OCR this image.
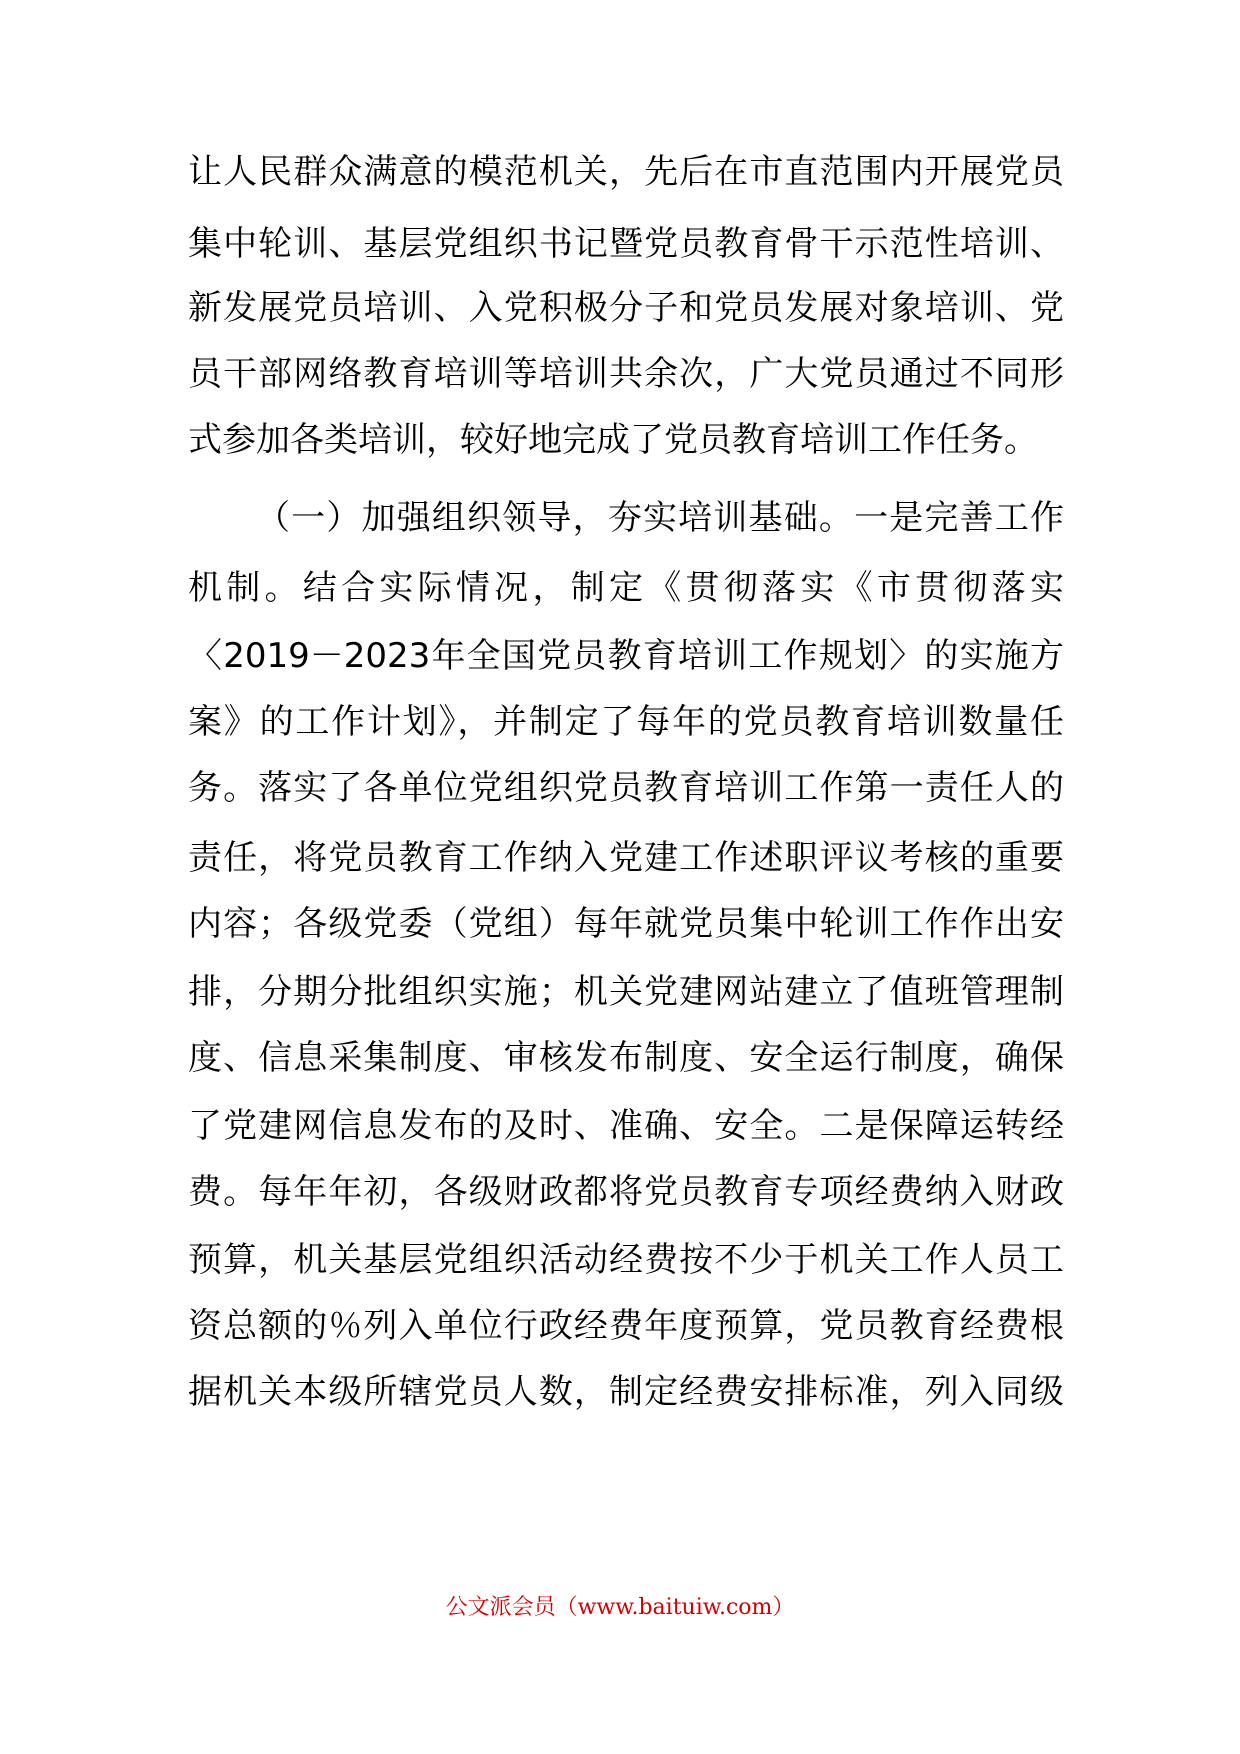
让人民群众满意的模范机关，先后在市直范围内开展党员
集中轮训、基层党组织书记暨党员教育骨干示范性培训、
新发展党员培训、入党积极分子和党员发展对象培训、党
员干部网络教育培训等培训共余次，广大党员通过不同形
式参加各类培训，较好地完成了党员教育培训工作任务。
（一）加强组织领导，夯实培训基础。一是完善工作
机制。结合实际情况，制定《贯彻落实《市贯彻落实
〈2019－2023年全国党员教育培训工作规划〉的实施方
案》的工作计划》，并制定了每年的党员教育培训数量任
务。落实了各单位党组织党员教育培训工作第一责任人的
责任，将党员教育工作纳入党建工作述职评议考核的重要
内容；各级党委（党组）每年就党员集中轮训工作作出安
排，分期分批组织实施；机关党建网站建立了值班管理制
度、信息采集制度、审核发布制度、安全运行制度，确保
了党建网信息发布的及时、准确、安全。二是保障运转经
费。每年年初，各级财政都将党员教育专项经费纳入财政
预算，机关基层党组织活动经费按不少于机关工作人员工
资总额的％列入单位行政经费年度预算，党员教育经费根
据机关本级所辖党员人数，制定经费安排标准，列入同级
公文派会员（www.baituiw.com）
